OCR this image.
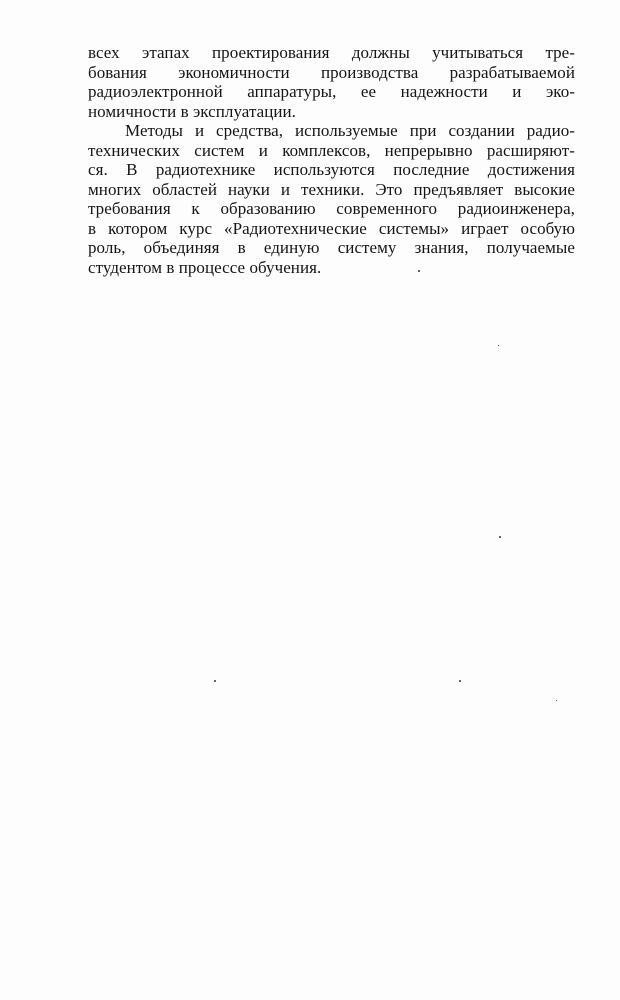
всех этапах проектирования должны учитываться тре-
бования экономичности производства разрабатываемой
радиоэлектронной аппаратуры, ее надежности и эко-
номичности в эксплуатации.
Методы и средства, используемые при создании радио-
технических систем и комплексов, непрерывно расширяют-
ся. В радиотехнике используются последние достижения
многих областей науки и техники. Это предъявляет высокие
требования к образованию современного радиоинженера,
в котором курс «Радиотехнические системы» играет особую
роль, объединяя в единую систему знания, получаемые
студентом в процессе обучения.
